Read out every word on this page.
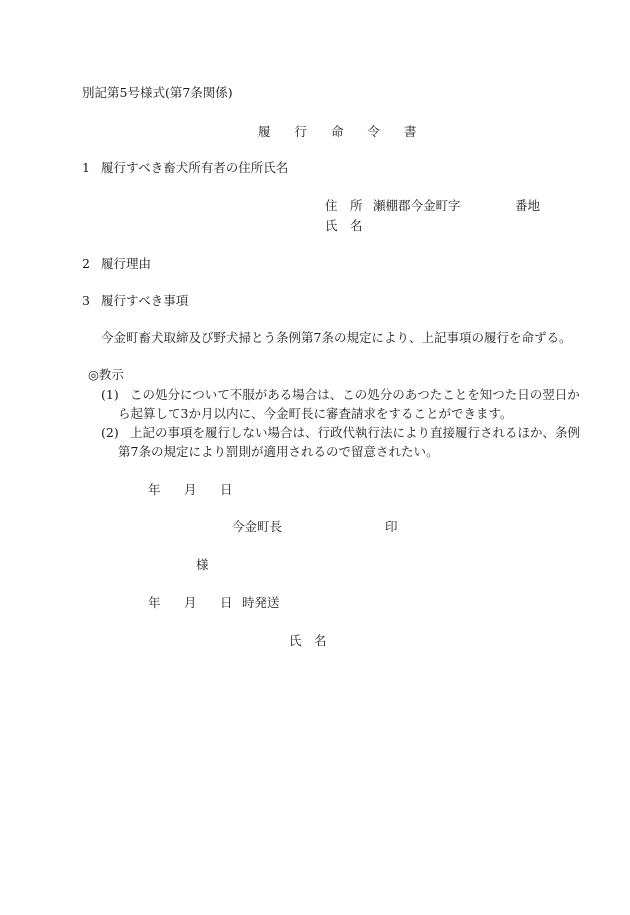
別記第5号様式(第7条関係)

履 行 命 令 書

1 履行すべき畜犬所有者の住所氏名

住　所 瀬棚郡今金町字	番地

氏　名

2 履行理由

3 履行すべき事項

今金町畜犬取締及び野犬掃とう条例第7条の規定により、上記事項の履行を命ずる。

◎教示

(1) この処分について不服がある場合は、この処分のあつたことを知つた日の翌日か

ら起算して3か月以内に、今金町長に審査請求をすることができます。

(2) 上記の事項を履行しない場合は、行政代執行法により直接履行されるほか、条例

第7条の規定により罰則が適用されるので留意されたい。

年 月 日

今金町長	印

様

年 月 日 時発送

氏　名
